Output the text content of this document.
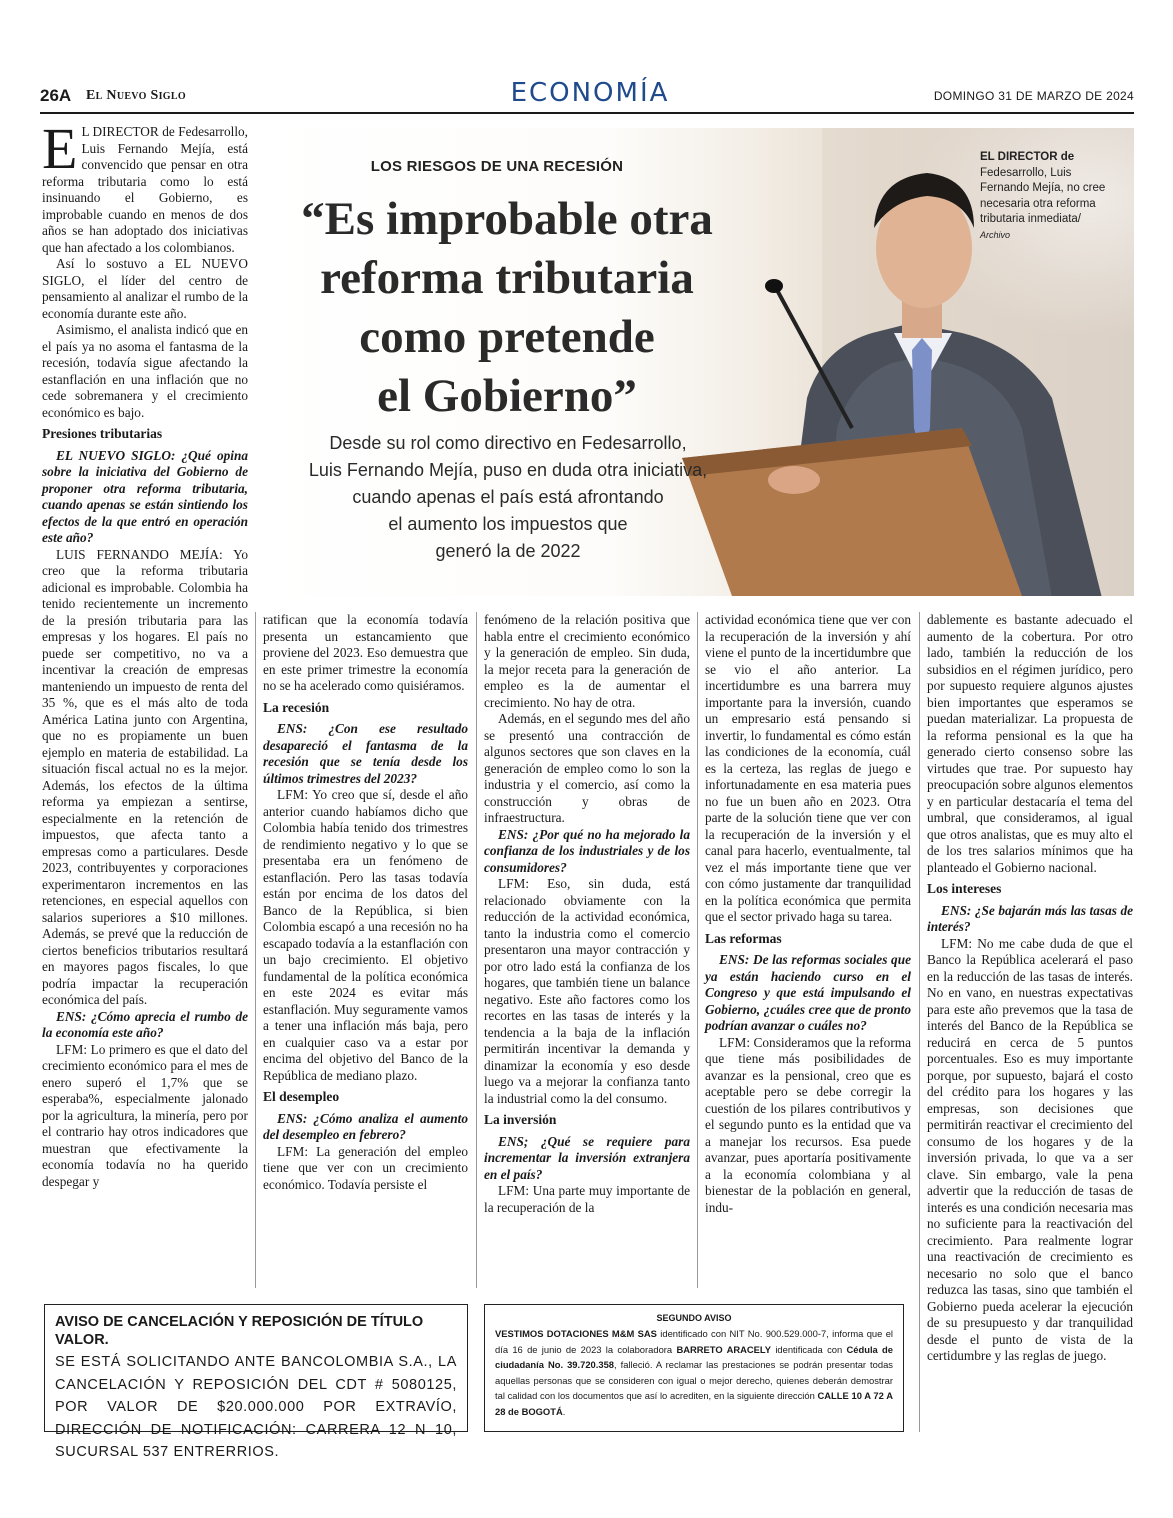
26A El Nuevo Siglo	ECONOMÍA	DOMINGO 31 DE MARZO DE 2024
LOS RIESGOS DE UNA RECESIÓN
“Es improbable otra
reforma tributaria
como pretende
el Gobierno”
Desde su rol como directivo en Fedesarrollo,
Luis Fernando Mejía, puso en duda otra iniciativa,
cuando apenas el país está afrontando
el aumento los impuestos que
generó la de 2022
EL DIRECTOR de Fedesarrollo, Luis Fernando Mejía, no cree necesaria otra reforma tributaria inmediata/
Archivo

E L DIRECTOR de Fedesarrollo, Luis Fernando Mejía, está convencido que pensar en otra reforma tributaria como lo está insinuando el Gobierno, es improbable cuando en menos de dos años se han adoptado dos iniciativas que han afectado a los colombianos.

Así lo sostuvo a EL NUEVO SIGLO, el líder del centro de pensamiento al analizar el rumbo de la economía durante este año.

Asimismo, el analista indicó que en el país ya no asoma el fantasma de la recesión, todavía sigue afectando la estanflación en una inflación que no cede sobremanera y el crecimiento económico es bajo.

Presiones tributarias

EL NUEVO SIGLO: ¿Qué opina sobre la iniciativa del Gobierno de proponer otra reforma tributaria, cuando apenas se están sintiendo los efectos de la que entró en operación este año?

LUIS FERNANDO MEJÍA: Yo creo que la reforma tributaria adicional es improbable. Colombia ha tenido recientemente un incremento de la presión tributaria para las empresas y los hogares. El país no puede ser competitivo, no va a incentivar la creación de empresas manteniendo un impuesto de renta del 35 %, que es el más alto de toda América Latina junto con Argentina, que no es propiamente un buen ejemplo en materia de estabilidad. La situación fiscal actual no es la mejor. Además, los efectos de la última reforma ya empiezan a sentirse, especialmente en la retención de impuestos, que afecta tanto a empresas como a particulares. Desde 2023, contribuyentes y corporaciones experimentaron incrementos en las retenciones, en especial aquellos con salarios superiores a $10 millones. Además, se prevé que la reducción de ciertos beneficios tributarios resultará en mayores pagos fiscales, lo que podría impactar la recuperación económica del país.

ENS: ¿Cómo aprecia el rumbo de la economía este año?

LFM: Lo primero es que el dato del crecimiento económico para el mes de enero superó el 1,7% que se esperaba%, especialmente jalonado por la agricultura, la minería, pero por el contrario hay otros indicadores que muestran que efectivamente la economía todavía no ha querido despegar y

ratifican que la economía todavía presenta un estancamiento que proviene del 2023. Eso demuestra que en este primer trimestre la economía no se ha acelerado como quisiéramos.

La recesión

ENS: ¿Con ese resultado desapareció el fantasma de la recesión que se tenía desde los últimos trimestres del 2023?

LFM: Yo creo que sí, desde el año anterior cuando habíamos dicho que Colombia había tenido dos trimestres de rendimiento negativo y lo que se presentaba era un fenómeno de estanflación. Pero las tasas todavía están por encima de los datos del Banco de la República, si bien Colombia escapó a una recesión no ha escapado todavía a la estanflación con un bajo crecimiento. El objetivo fundamental de la política económica en este 2024 es evitar más estanflación. Muy seguramente vamos a tener una inflación más baja, pero en cualquier caso va a estar por encima del objetivo del Banco de la República de mediano plazo.

El desempleo

ENS: ¿Cómo analiza el aumento del desempleo en febrero?

LFM: La generación del empleo tiene que ver con un crecimiento económico. Todavía persiste el

fenómeno de la relación positiva que habla entre el crecimiento económico y la generación de empleo. Sin duda, la mejor receta para la generación de empleo es la de aumentar el crecimiento. No hay de otra.

Además, en el segundo mes del año se presentó una contracción de algunos sectores que son claves en la generación de empleo como lo son la industria y el comercio, así como la construcción y obras de infraestructura.

ENS: ¿Por qué no ha mejorado la confianza de los industriales y de los consumidores?

LFM: Eso, sin duda, está relacionado obviamente con la reducción de la actividad económica, tanto la industria como el comercio presentaron una mayor contracción y por otro lado está la confianza de los hogares, que también tiene un balance negativo. Este año factores como los recortes en las tasas de interés y la tendencia a la baja de la inflación permitirán incentivar la demanda y dinamizar la economía y eso desde luego va a mejorar la confianza tanto la industrial como la del consumo.

La inversión

ENS; ¿Qué se requiere para incrementar la inversión extranjera en el país?

LFM: Una parte muy importante de la recuperación de la

actividad económica tiene que ver con la recuperación de la inversión y ahí viene el punto de la incertidumbre que se vio el año anterior. La incertidumbre es una barrera muy importante para la inversión, cuando un empresario está pensando si invertir, lo fundamental es cómo están las condiciones de la economía, cuál es la certeza, las reglas de juego e infortunadamente en esa materia pues no fue un buen año en 2023. Otra parte de la solución tiene que ver con la recuperación de la inversión y el canal para hacerlo, eventualmente, tal vez el más importante tiene que ver con cómo justamente dar tranquilidad en la política económica que permita que el sector privado haga su tarea.

Las reformas

ENS: De las reformas sociales que ya están haciendo curso en el Congreso y que está impulsando el Gobierno, ¿cuáles cree que de pronto podrían avanzar o cuáles no?

LFM: Consideramos que la reforma que tiene más posibilidades de avanzar es la pensional, creo que es aceptable pero se debe corregir la cuestión de los pilares contributivos y el segundo punto es la entidad que va a manejar los recursos. Esa puede avanzar, pues aportaría positivamente a la economía colombiana y al bienestar de la población en general, indu-

dablemente es bastante adecuado el aumento de la cobertura. Por otro lado, también la reducción de los subsidios en el régimen jurídico, pero por supuesto requiere algunos ajustes bien importantes que esperamos se puedan materializar. La propuesta de la reforma pensional es la que ha generado cierto consenso sobre las virtudes que trae. Por supuesto hay preocupación sobre algunos elementos y en particular destacaría el tema del umbral, que consideramos, al igual que otros analistas, que es muy alto el de los tres salarios mínimos que ha planteado el Gobierno nacional.

Los intereses

ENS: ¿Se bajarán más las tasas de interés?

LFM: No me cabe duda de que el Banco la República acelerará el paso en la reducción de las tasas de interés. No en vano, en nuestras expectativas para este año prevemos que la tasa de interés del Banco de la República se reducirá en cerca de 5 puntos porcentuales. Eso es muy importante porque, por supuesto, bajará el costo del crédito para los hogares y las empresas, son decisiones que permitirán reactivar el crecimiento del consumo de los hogares y de la inversión privada, lo que va a ser clave. Sin embargo, vale la pena advertir que la reducción de tasas de interés es una condición necesaria mas no suficiente para la reactivación del crecimiento. Para realmente lograr una reactivación de crecimiento es necesario no solo que el banco reduzca las tasas, sino que también el Gobierno pueda acelerar la ejecución de su presupuesto y dar tranquilidad desde el punto de vista de la certidumbre y las reglas de juego.

AVISO DE CANCELACIÓN Y REPOSICIÓN DE TÍTULO VALOR.
SE ESTÁ SOLICITANDO ANTE BANCOLOMBIA S.A., LA CANCELACIÓN Y REPOSICIÓN DEL CDT # 5080125, POR VALOR DE $20.000.000 POR EXTRAVÍO, DIRECCIÓN DE NOTIFICACIÓN: CARRERA 12 N 10, SUCURSAL 537 ENTRERRIOS.
SEGUNDO AVISO
VESTIMOS DOTACIONES M&M SAS identificado con NIT No. 900.529.000-7, informa que el día 16 de junio de 2023 la colaboradora BARRETO ARACELY identificada con Cédula de ciudadanía No. 39.720.358, falleció. A reclamar las prestaciones se podrán presentar todas aquellas personas que se consideren con igual o mejor derecho, quienes deberán demostrar tal calidad con los documentos que así lo acrediten, en la siguiente dirección CALLE 10 A 72 A 28 de BOGOTÁ.
